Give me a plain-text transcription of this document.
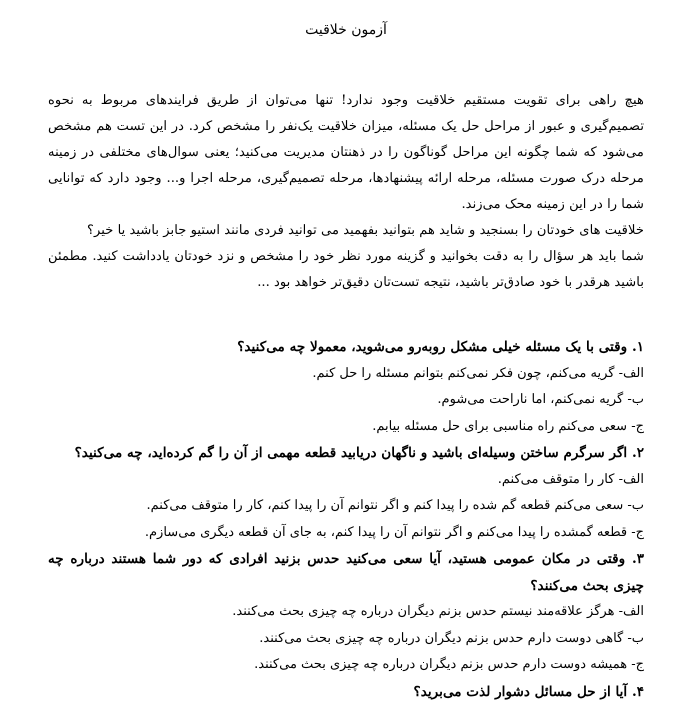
آزمون خلاقیت

هیچ راهی برای تقویت مستقیم خلاقیت وجود ندارد! تنها می‌توان از طریق فرایندهای مربوط به نحوه تصمیم‌گیری و عبور از مراحل حل یک مسئله، میزان خلاقیت یک‌نفر را مشخص کرد. در این تست هم مشخص می‌شود که شما چگونه این مراحل گوناگون را در ذهنتان مدیریت می‌کنید؛ یعنی سوال‌های مختلفی در زمینه مرحله درک صورت مسئله، مرحله ارائه پیشنهادها، مرحله تصمیم‌گیری، مرحله اجرا و... وجود دارد که توانایی شما را در این زمینه محک می‌زند.

خلاقیت های خودتان را بسنجید و شاید هم بتوانید بفهمید می توانید فردی مانند استیو جابز باشید یا خیر؟

شما باید هر سؤال را به دقت بخوانید و گزینه مورد نظر خود را مشخص و نزد خودتان یادداشت کنید. مطمئن باشید هرقدر با خود صادق‌تر باشید، نتیجه تست‌تان دقیق‌تر خواهد بود ...

۱. وقتی با یک مسئله خیلی مشکل روبه‌رو می‌شوید، معمولا چه می‌کنید؟
الف- گریه می‌کنم، چون فکر نمی‌کنم بتوانم مسئله را حل کنم.
ب- گریه نمی‌کنم، اما ناراحت می‌شوم.
ج- سعی می‌کنم راه مناسبی برای حل مسئله بیابم.
۲. اگر سرگرم ساختن وسیله‌ای باشید و ناگهان دریابید قطعه مهمی از آن را گم کرده‌اید، چه می‌کنید؟
الف- کار را متوقف می‌کنم.
ب- سعی می‌کنم قطعه گم شده را پیدا کنم و اگر نتوانم آن را پیدا کنم، کار را متوقف می‌کنم.
ج- قطعه گمشده را پیدا می‌کنم و اگر نتوانم آن را پیدا کنم، به جای آن قطعه دیگری می‌سازم.
۳. وقتی در مکان عمومی هستید، آیا سعی می‌کنید حدس بزنید افرادی که دور شما هستند درباره چه چیزی بحث می‌کنند؟
الف- هرگز علاقه‌مند نیستم حدس بزنم دیگران درباره چه چیزی بحث می‌کنند.
ب- گاهی دوست دارم حدس بزنم دیگران درباره چه چیزی بحث می‌کنند.
ج- همیشه دوست دارم حدس بزنم دیگران درباره چه چیزی بحث می‌کنند.
۴. آیا از حل مسائل دشوار لذت می‌برید؟
